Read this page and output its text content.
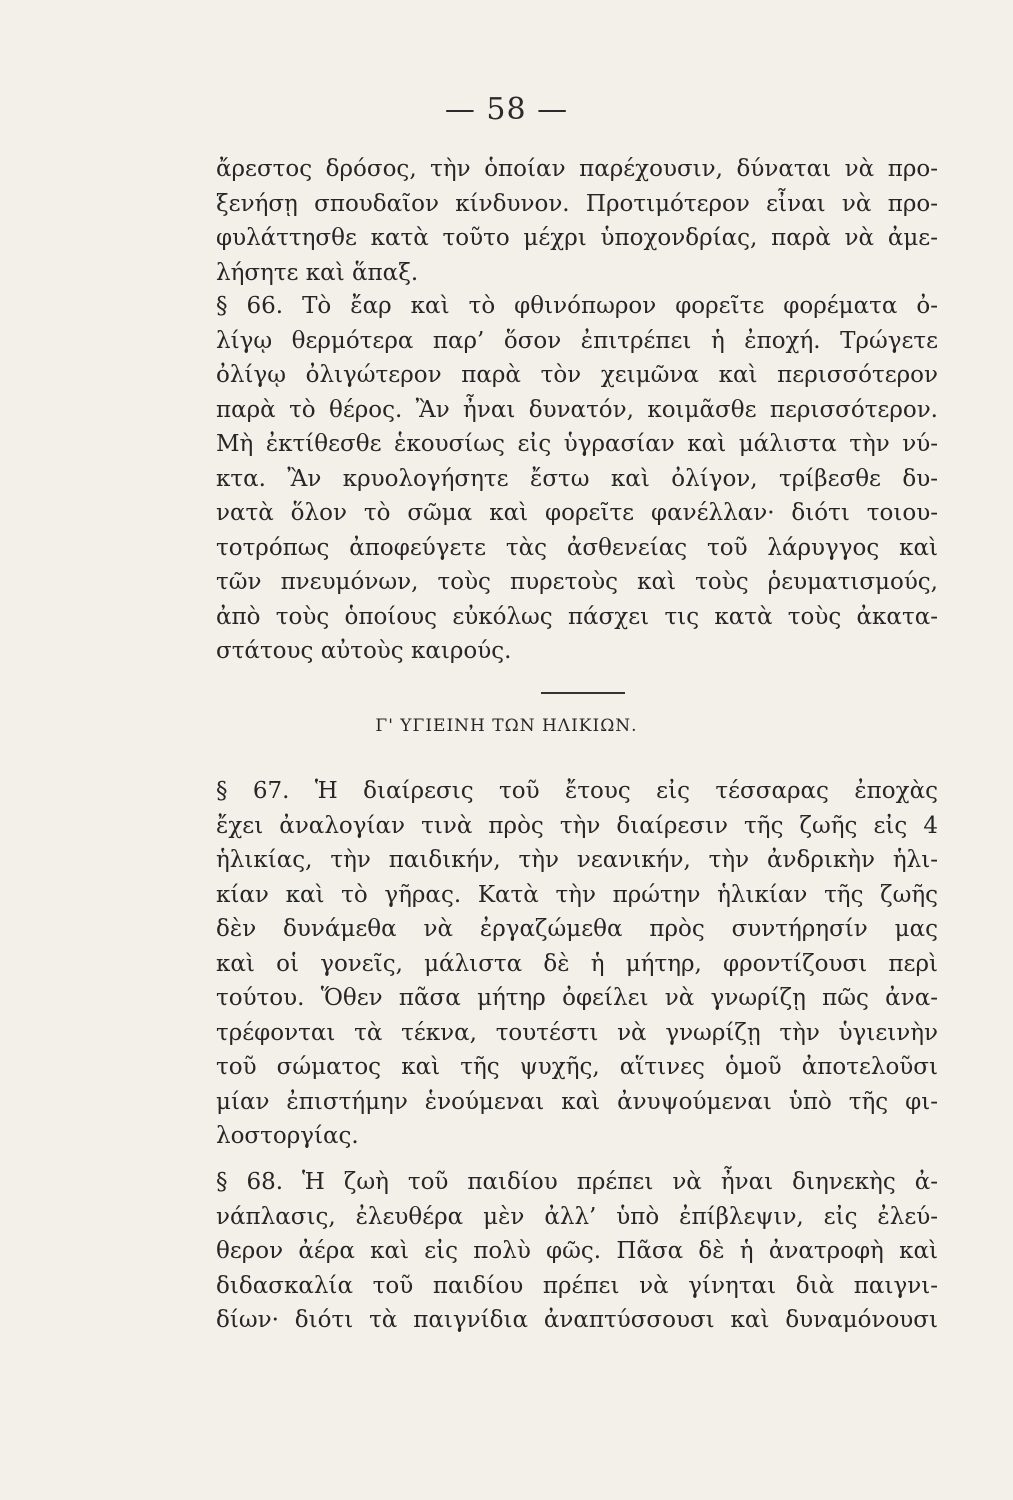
— 58 —
ἄρεστος δρόσος, τὴν ὁποίαν παρέχουσιν, δύναται νὰ προ-
ξενήσῃ σπουδαῖον κίνδυνον. Προτιμότερον εἶναι νὰ προ-
φυλάττησθε κατὰ τοῦτο μέχρι ὑποχονδρίας, παρὰ νὰ ἀμε-
λήσητε καὶ ἅπαξ.
§ 66. Τὸ ἔαρ καὶ τὸ φθινόπωρον φορεῖτε φορέματα ὀ-
λίγῳ θερμότερα παρ’ ὅσον ἐπιτρέπει ἡ ἐποχή. Τρώγετε
ὀλίγῳ ὀλιγώτερον παρὰ τὸν χειμῶνα καὶ περισσότερον
παρὰ τὸ θέρος. Ἂν ἦναι δυνατόν, κοιμᾶσθε περισσότερον.
Μὴ ἐκτίθεσθε ἑκουσίως εἰς ὑγρασίαν καὶ μάλιστα τὴν νύ-
κτα. Ἂν κρυολογήσητε ἔστω καὶ ὀλίγον, τρίβεσθε δυ-
νατὰ ὅλον τὸ σῶμα καὶ φορεῖτε φανέλλαν· διότι τοιου-
τοτρόπως ἀποφεύγετε τὰς ἀσθενείας τοῦ λάρυγγος καὶ
τῶν πνευμόνων, τοὺς πυρετοὺς καὶ τοὺς ῥευματισμούς,
ἀπὸ τοὺς ὁποίους εὐκόλως πάσχει τις κατὰ τοὺς ἀκατα-
στάτους αὐτοὺς καιρούς.
Γ' ΥΓΙΕΙΝΗ ΤΩΝ ΗΛΙΚΙΩΝ.
§ 67. Ἡ διαίρεσις τοῦ ἔτους εἰς τέσσαρας ἐποχὰς
ἔχει ἀναλογίαν τινὰ πρὸς τὴν διαίρεσιν τῆς ζωῆς εἰς 4
ἡλικίας, τὴν παιδικήν, τὴν νεανικήν, τὴν ἀνδρικὴν ἡλι-
κίαν καὶ τὸ γῆρας. Κατὰ τὴν πρώτην ἡλικίαν τῆς ζωῆς
δὲν δυνάμεθα νὰ ἐργαζώμεθα πρὸς συντήρησίν μας
καὶ οἱ γονεῖς, μάλιστα δὲ ἡ μήτηρ, φροντίζουσι περὶ
τούτου. Ὅθεν πᾶσα μήτηρ ὀφείλει νὰ γνωρίζῃ πῶς ἀνα-
τρέφονται τὰ τέκνα, τουτέστι νὰ γνωρίζῃ τὴν ὑγιεινὴν
τοῦ σώματος καὶ τῆς ψυχῆς, αἵτινες ὁμοῦ ἀποτελοῦσι
μίαν ἐπιστήμην ἑνούμεναι καὶ ἀνυψούμεναι ὑπὸ τῆς φι-
λοστοργίας.
§ 68. Ἡ ζωὴ τοῦ παιδίου πρέπει νὰ ἦναι διηνεκὴς ἀ-
νάπλασις, ἐλευθέρα μὲν ἀλλ’ ὑπὸ ἐπίβλεψιν, εἰς ἐλεύ-
θερον ἀέρα καὶ εἰς πολὺ φῶς. Πᾶσα δὲ ἡ ἀνατροφὴ καὶ
διδασκαλία τοῦ παιδίου πρέπει νὰ γίνηται διὰ παιγνι-
δίων· διότι τὰ παιγνίδια ἀναπτύσσουσι καὶ δυναμόνουσι
